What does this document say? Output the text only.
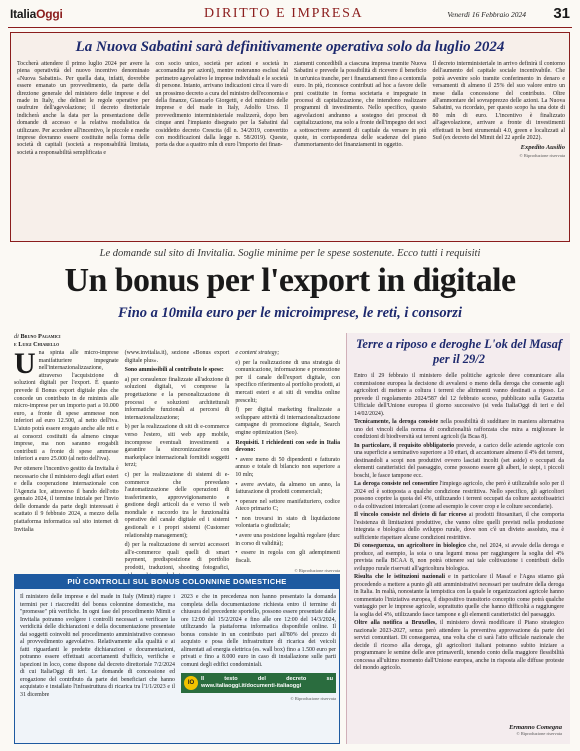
ItaliaOggi	DIRITTO E IMPRESA	Venerdì 16 Febbraio 2024 31
La Nuova Sabatini sarà definitivamente operativa solo da luglio 2024
Toccherà attendere il primo luglio 2024 per avere la piena operatività del nuovo incentivo denominato «Nuova Sabatini». Per quella data, infatti, dovrebbe essere emanato un provvedimento, da parte della direzione generale del ministero delle imprese e del made in Italy, che delinei le regole operative per usufruire dell'agevolazione; il decreto direttoriale indicherà anche la data per la presentazione delle domande di accesso e la relativa modulistica da utilizzare. Per accedere all'incentivo, le piccole e medie imprese dovranno essere costituite nella forma delle società di capitali (società a responsabilità limitata, società a responsabilità semplificata e
con socio unico, società per azioni e società in accomandita per azioni), mentre resteranno esclusi dal perimetro agevolativo le imprese individuali e le società di persone. Intanto, arrivano indicazioni circa il varo di un prossimo decreto a cura del ministro dell'economia e della finanze, Giancarlo Giorgetti, e del ministro delle imprese e del made in Italy, Adolfo Urso. Il provvedimento interministeriale realizzerà, dopo ben cinque anni l'impianto disegnato per la Sabatini dal cosiddetto decreto Crescita (dl n. 34/2019, convertito con modificazioni dalla legge n. 58/2019). Queste, porta da due a quattro mln di euro l'importo dei finan-
ziamenti concedibili a ciascuna impresa tramite Nuova Sabatini e prevede la possibilità di ricevere il beneficio in un'unica tranche, per i finanziamenti fino a centomila euro. In più, riconosce contributi ad hoc a favore delle pmi costituite in forma societaria e impegnate in processi di capitalizzazione, che intendono realizzare programmi di investimento. Nello specifico, questo agevolazioni andranno a sostegno dei processi di capitalizzazione, ma solo a fronte dell'impegno dei soci a sottoscrivere aumenti di capitale da versare in più quote, in corrispondenza delle scadenze del piano d'ammortamento dei finanziamenti in oggetto.
Il decreto interministeriale in arrivo definirà il contorno dell'aumento del capitale sociale incentivabile. Che potrà avvenire solo tramite conferimento in denaro e versamenti di almeno il 25% del suo valore entro un mese dalla concessione del contributo. Oltre all'ammontare del sovrapprezzo delle azioni. La Nuova Sabatini, va ricordato, per questo scopo ha una dote di 80 mln di euro. L'incentivo è finalizzato all'agevolazione, arrivare a fronte di investimenti effettuati in beni strumentali 4.0, green e localizzati al Sud (ex decreto del Mimit del 22 aprile 2022).
Expedito Ausilio
© Riproduzione riservata
Le domande sul sito di Invitalia. Soglie minime per le spese sostenute. Ecco tutti i requisiti
Un bonus per l'export in digitale
Fino a 10mila euro per le microimprese, le reti, i consorzi
di Bruno Pagamici
e Luigi Chiarello
U na spinta alle micro-imprese manifatturiere impegnate nell'internazionalizzazione, attraverso l'acquisizione di soluzioni digitali per l'export. È quanto prevede il Bonus export digitale plus che concede un contributo in de minimis alle micro-imprese per un importo pari a 10.000 euro, a fronte di spese ammesse non inferiori ad euro 12.500, al netto dell'iva. L'aiuto potrà essere erogato anche alle reti e ai consorzi costituiti da almeno cinque imprese, ma non saranno erogabili contributi a fronte di spese ammesse inferiori a euro 25.000 (al netto dell'iva).

Per ottenere l'incentivo gestito da Invitalia è necessario che il ministero degli affari esteri e della cooperazione internazionale con l'Agenzia Ice, attraverso il bando dell'otto gennaio 2024, il termine iniziale per l'invio delle domande da parte degli interessati è scattato il 9 febbraio 2024, a mezzo della piattaforma informatica sul sito internet di Invitalia

(www.invitalia.it), sezione «Bonus export digitale plus».

Sono ammissibili al contributo le spese:

a) per consulenze finalizzate all'adozione di soluzioni digitali, vi comprese la progettazione e la personalizzazione di processi e soluzioni architetturali informatiche funzionali ai percorsi di internazionalizzazione;

b) per la realizzazione di siti di e-commerce verso l'estero, siti web app mobile, incomprese eventuali investimenti a garantire la sincronizzazione con marketplace internazionali fornitidi soggetti terzi;

c) per la realizzazione di sistemi di e-commerce che prevedano l'automatizzazione delle operazioni di trasferimento, approvvigionamento e gestione degli articoli da e verso il web mondiale e raccordo tra le funzionalità operative del canale digitale ed i sistemi gestionali e i propri sistemi (Customer relationship management);

d) per la realizzazione di servizi accessori all'e-commerce quali quelli di smart payment, predisposizione di portfolio prodotti, traduzioni, shooting fotografici,

e content strategy;

e) per la realizzazione di una strategia di comunicazione, informazione e promozione per il canale dell'export digitale, con specifico riferimento al portfolio prodotti, ai mercati esteri e ai siti di vendita online prescelti;

f) per digital marketing finalizzate a sviluppare attività di internazionalizzazione campagne di promozione digitale, Search engine optimization (Seo).

Requisiti. I richiedenti con sede in Italia devono:

• avere meno di 50 dipendenti e fatturato annuo e totale di bilancio non superiore a 10 mln;

• avere avviato, da almeno un anno, la fatturazione di prodotti commerciali;

• operare nel settore manifatturiero, codice Ateco primario C;

• non trovarsi in stato di liquidazione volontaria o giudiziale;

• avere una posizione legalità regolare (durc in corso di validità);

• essere in regola con gli adempimenti fiscali.

© Riproduzione riservata

PIÙ CONTROLLI SUL BONUS COLONNINE DOMESTICHE
Il ministero delle imprese e del made in Italy (Mimit) riapre i termini per i riaccrediti del bonus colonnine domestiche, ma "promesse" più verifiche. In ogni fase del procedimento Mimit e Invitalia potranno svolgere i controlli necessari a verificare la veridicità delle dichiarazioni e della documentazione presentate dai soggetti coinvolti nel procedimento amministrativo connesso al provvedimento agevolativo. Relativamente alla qualità e ai fatti riguardanti le predette dichiarazioni e documentazioni, potranno essere effettuati accertamenti d'ufficio, verifiche e ispezioni in loco, come dispone dal decreto direttoriale 7/2/2024 di cui ItaliaOggi di ieri. Le domande di concessione ed erogazione del contributo da parte dei beneficiari che hanno acquistato e installato l'infrastruttura di ricarica tra l'1/1/2023 e il 31 dicembre
2023 e che in precedenza non hanno presentato la domanda completa della documentazione richiesta entro il termine di chiusura del precedente sportello, possono essere presentate dalle ore 12:00 del 15/2/2024 e fino alle ore 12:00 del 14/3/2024, utilizzando la piattaforma informatica disponibile online. Il bonus consiste in un contributo pari all'80% del prezzo di acquisto e posa delle infrastrutture di ricarica dei veicoli alimentati ad energia elettrica (es. wall box) fino a 1.500 euro per privati e fino a 8.000 euro in caso di installazione sulle parti comuni degli edifici condominiali.
IO
Il testo del decreto su www.italiaoggi.it/documenti-italiaoggi
© Riproduzione riservata
Terre a riposo e deroghe L'ok del Masaf per il 29/2

Entro il 29 febbraio il ministero delle politiche agricole deve comunicare alla commissione europea la decisione di avvalersi o meno della deroga che consente agli agricoltori di mettere a coltura i terreni che altrimenti vanno destinati a riposo. Le prevede il regolamento 2024/587 del 12 febbraio scorso, pubblicato sulla Gazzetta Ufficiale dell'Unione europea il giorno successivo (si veda ItaliaOggi di ieri e del 14/02/2024).

Tecnicamente, la deroga consiste nella possibilità di sudditare in maniera alternativa uno dei vincoli della norma di condizionalità rafforzata che mira a migliorare le condizioni di biodiversità sui terreni agricoli (la Bcaa 8).

In particolare, il requisito obbligatorio prevede, a carico delle aziende agricole con una superficie a seminativo superiore a 10 ettari, di accantonare almeno il 4% dei terreni, destinandoli a scopi non produttivi ovvero lasciati incolti (set aside) o occupati da elementi caratteristici del paesaggio, come possono essere gli alberi, le siepi, i piccoli boschi, le fasce tampone ecc.

La deroga consiste nel consentire l'impiego agricolo, che però è utilizzabile solo per il 2024 ed è sottoposta a qualche condizione restrittiva. Nello specifico, gli agricoltori possono coprire la quota del 4%, utilizzando i terreni occupati da colture azotofissatrici o da coltivazioni intercalari (come ad esempio le cover crop e le colture secondarie).

Il vincolo consiste nel divieto di far ricorso ai prodotti fitosanitari, il che comporta l'esistenza di limitazioni produttive, che vanno oltre quelli previsti nella produzione integrata e biologica dello sviluppo rurale, dove non c'è un divieto assoluto, ma è sufficiente rispettare alcune condizioni restrittive.

Di conseguenza, un agricoltore in biologico che, nel 2024, si avvale della deroga e produce, ad esempio, la soia o una legumi mosa per raggiungere la soglia del 4% prevista nella BCAA 8, non potrà ottenere sui tale coltivazione i contributi dello sviluppo rurale riservati all'agricoltura biologica.

Risulta che le istituzioni nazionali e in particolare il Masaf e l'Agea stiamo già procedendo a mettere a punto gli atti amministrativi necessari per usufruire della deroga in Italia. In realtà, nonostante la tempistica con la quale le organizzazioni agricole hanno commentato l'iniziativa europea, il dispositivo transitorio concepito come potrà qualche vantaggio per le imprese agricole, soprattutto quelle che hanno difficoltà a raggiungere la soglia del 4%, utilizzando fasce tampone e gli elementi caratteristici del paesaggio.

Oltre alla notifica a Bruxelles, il ministero dovrà modificare il Piano strategico nazionale 2023-2027, senza però attendere la preventiva approvazione da parte dei servizi comunitari. Di conseguenza, una volta che ci sarà l'atto ufficiale nazionale che decide il ricorso alla deroga, gli agricoltori italiani potranno subito iniziare a programmare le semine delle aree primaverili, tenendo conto della maggiore flessibilità concessa all'ultimo momento dall'Unione europea, anche in risposta alle diffuse proteste del mondo agricolo.

Ermanno Comegna
© Riproduzione riservata
